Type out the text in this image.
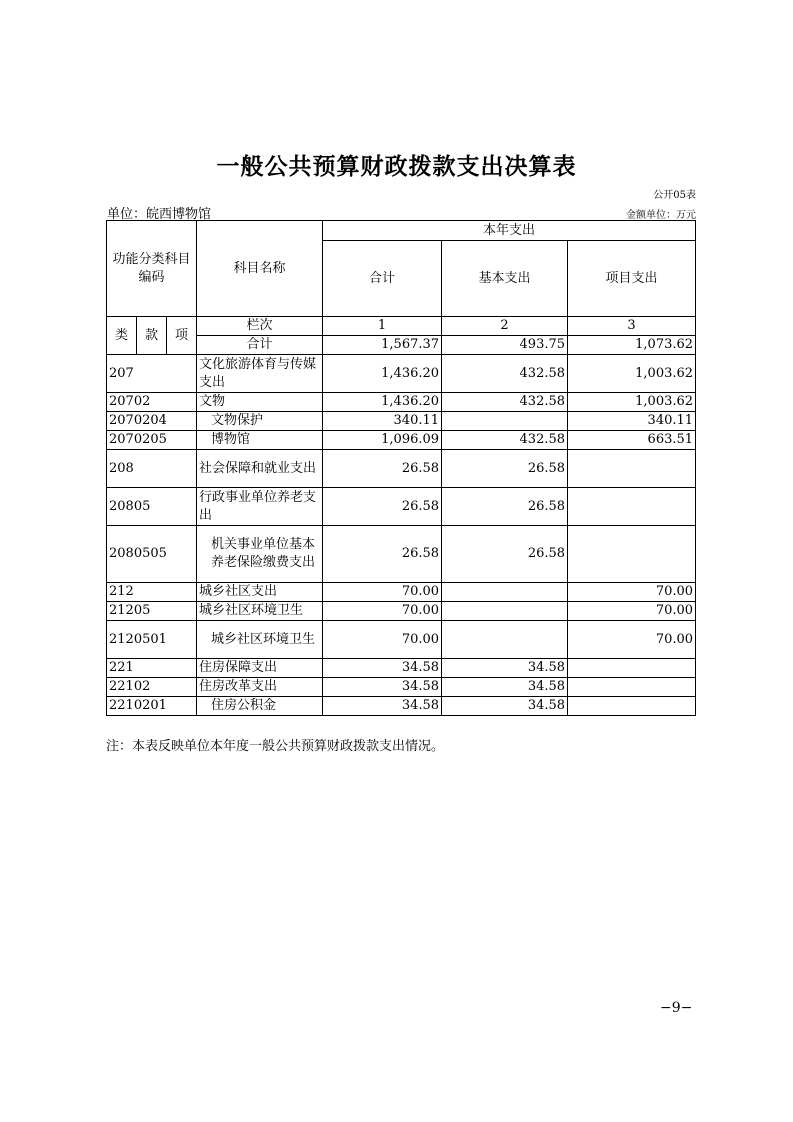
一般公共预算财政拨款支出决算表
公开05表
单位：皖西博物馆	金额单位：万元
功能分类科目编码			科目名称	本年支出		
				合计	基本支出	项目支出
类	款	项	栏次	1	2	3
			合计	1,567.37	493.75	1,073.62
207			文化旅游体育与传媒支出	1,436.20	432.58	1,003.62
20702			文物	1,436.20	432.58	1,003.62
2070204			文物保护	340.11		340.11
2070205			博物馆	1,096.09	432.58	663.51
208			社会保障和就业支出	26.58	26.58	
20805			行政事业单位养老支出	26.58	26.58	
2080505			机关事业单位基本养老保险缴费支出	26.58	26.58	
212			城乡社区支出	70.00		70.00
21205			城乡社区环境卫生	70.00		70.00
2120501			城乡社区环境卫生	70.00		70.00
221			住房保障支出	34.58	34.58	
22102			住房改革支出	34.58	34.58	
2210201			住房公积金	34.58	34.58	
注：本表反映单位本年度一般公共预算财政拨款支出情况。
−9−
